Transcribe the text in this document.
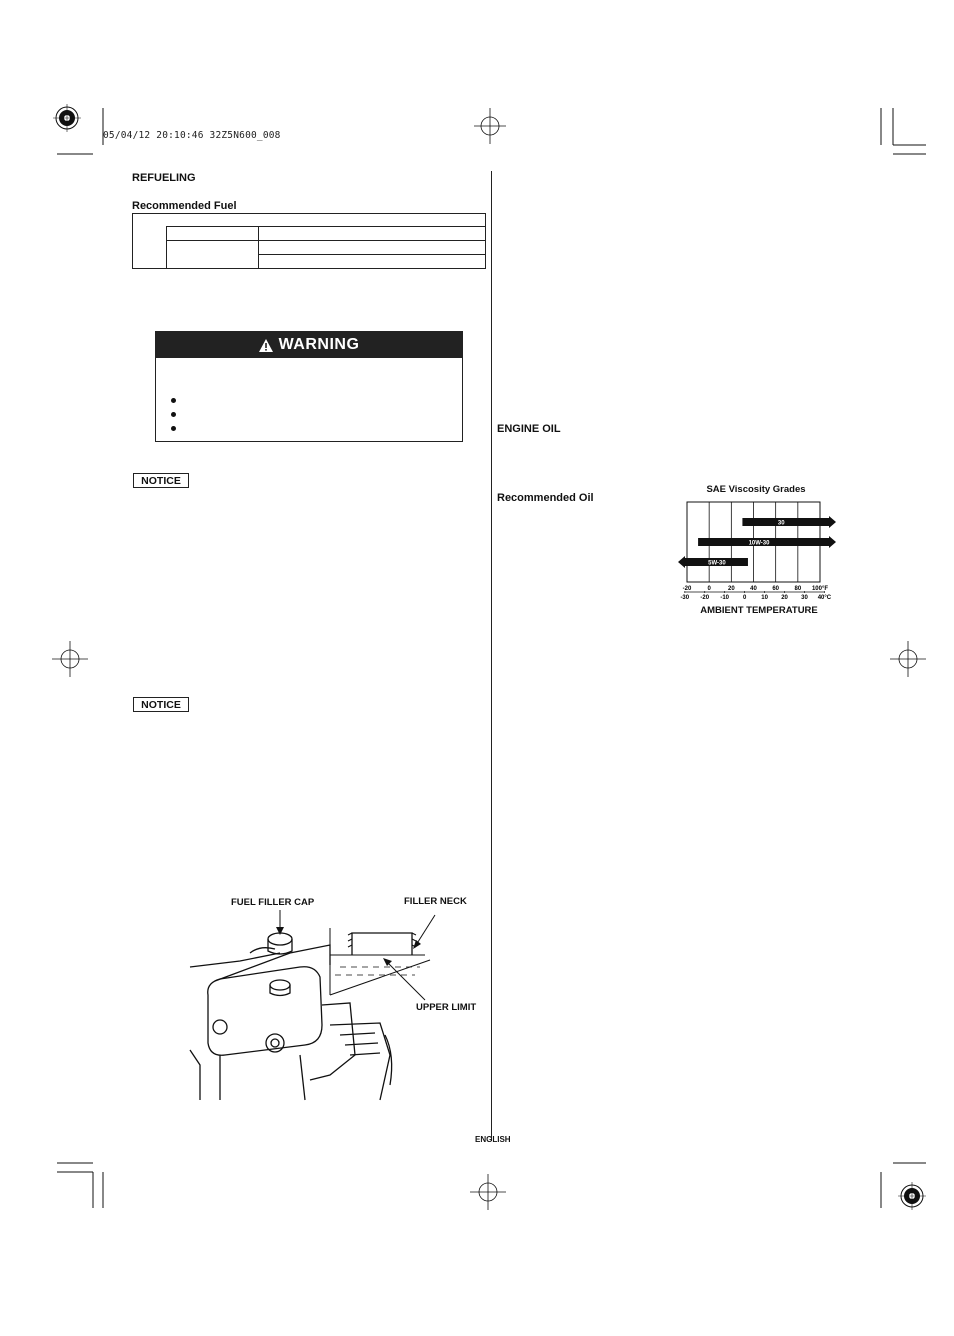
05/04/12 20:10:46 32Z5N600_008
REFUELING
Recommended Fuel
WARNING
NOTICE
NOTICE
FUEL FILLER CAP	FILLER NECK
UPPER LIMIT
ENGINE OIL
Recommended Oil
SAE Viscosity Grades
-20	0	20	40	60	80 100°F
-30 -20 -10 0 10 20 30 40°C
30
10W-30
5W-30
AMBIENT TEMPERATURE
ENGLISH
